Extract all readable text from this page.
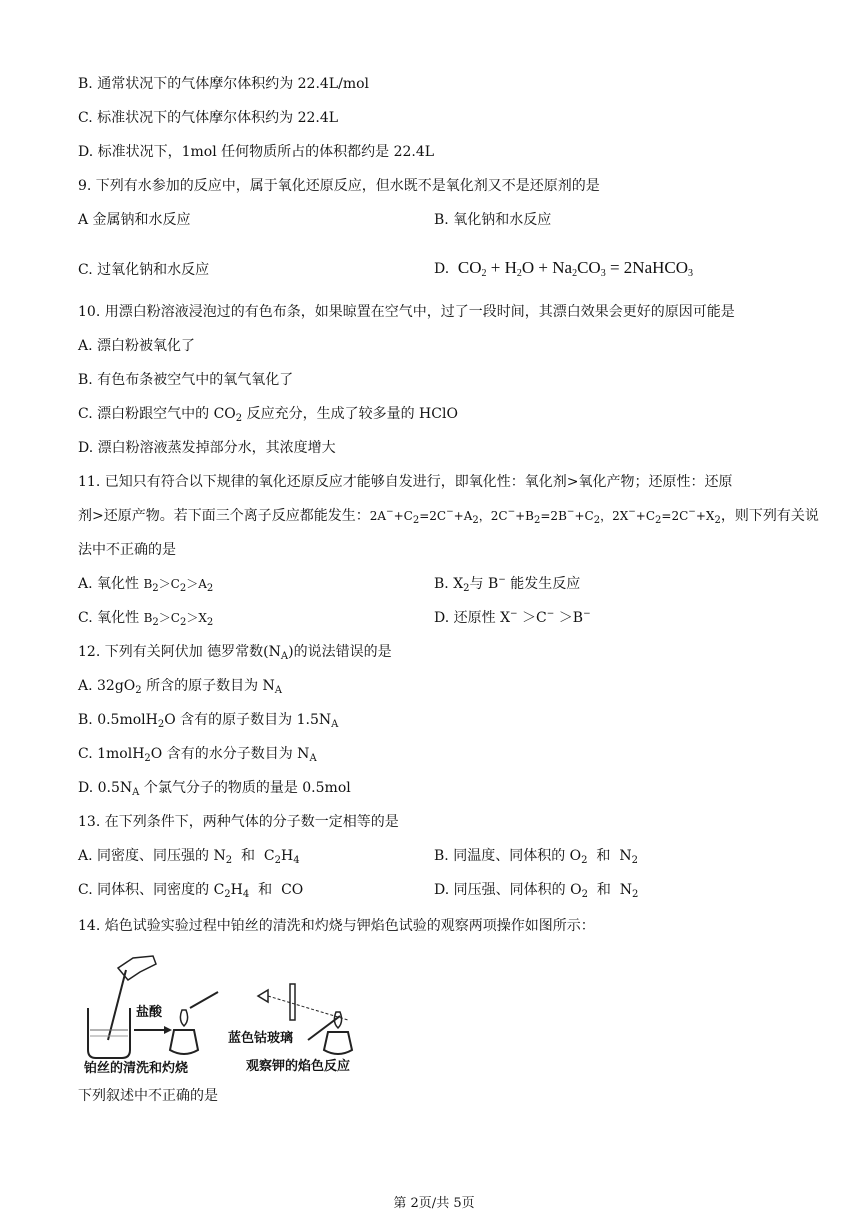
B. 通常状况下的气体摩尔体积约为 22.4L/mol
C. 标准状况下的气体摩尔体积约为 22.4L
D. 标准状况下，1mol 任何物质所占的体积都约是 22.4L
9. 下列有水参加的反应中，属于氧化还原反应，但水既不是氧化剂又不是还原剂的是
A 金属钠和水反应	B. 氧化钠和水反应
C. 过氧化钠和水反应	D.  $CO_2 + H_2O + Na_2CO_3$ = 2NaHCO$_3$
10. 用漂白粉溶液浸泡过的有色布条，如果晾置在空气中，过了一段时间，其漂白效果会更好的原因可能是
A. 漂白粉被氧化了
B. 有色布条被空气中的氧气氧化了
C. 漂白粉跟空气中的 $CO_2$ 反应充分，生成了较多量的 HClO
D. 漂白粉溶液蒸发掉部分水，其浓度增大
11. 已知只有符合以下规律的氧化还原反应才能够自发进行，即氧化性：氧化剂>氧化产物；还原性：还原
剂>还原产物。若下面三个离子反应都能发生：$2A^-+C_2=2C^-+A_2$，$2C^-+B_2=2B^-+C_2$，$2X^-+C_2=2C^-+X_2$，则下列有关说
法中不正确的是
A. 氧化性 $B_2>C_2>A_2$	B. $X_2$与 B− 能发生反应
C. 氧化性 $B_2>C_2>X_2$	D. 还原性 X− ＞C− ＞B−
12. 下列有关阿伏加 德罗常数$(N_A)$的说法错误的是
A. $32gO_2$ 所含的原子数目为 $N_A$
B. 0.5molH$_2$O 含有的原子数目为 $1.5N_A$
C. 1molH$_2$O 含有的水分子数目为 $N_A$
D. $0.5N_A$ 个氯气分子的物质的量是 0.5mol
13. 在下列条件下，两种气体的分子数一定相等的是
A. 同密度、同压强的 $N_2$  和  $C_2H_4$	B. 同温度、同体积的 $O_2$  和  $N_2$
C. 同体积、同密度的 $C_2H_4$  和  CO	D. 同压强、同体积的 $O_2$  和  $N_2$
14. 焰色试验实验过程中铂丝的清洗和灼烧与钾焰色试验的观察两项操作如图所示：
盐酸
蓝色钴玻璃
铂丝的清洗和灼烧	观察钾的焰色反应
下列叙述中不正确的是
第 2页/共 5页
